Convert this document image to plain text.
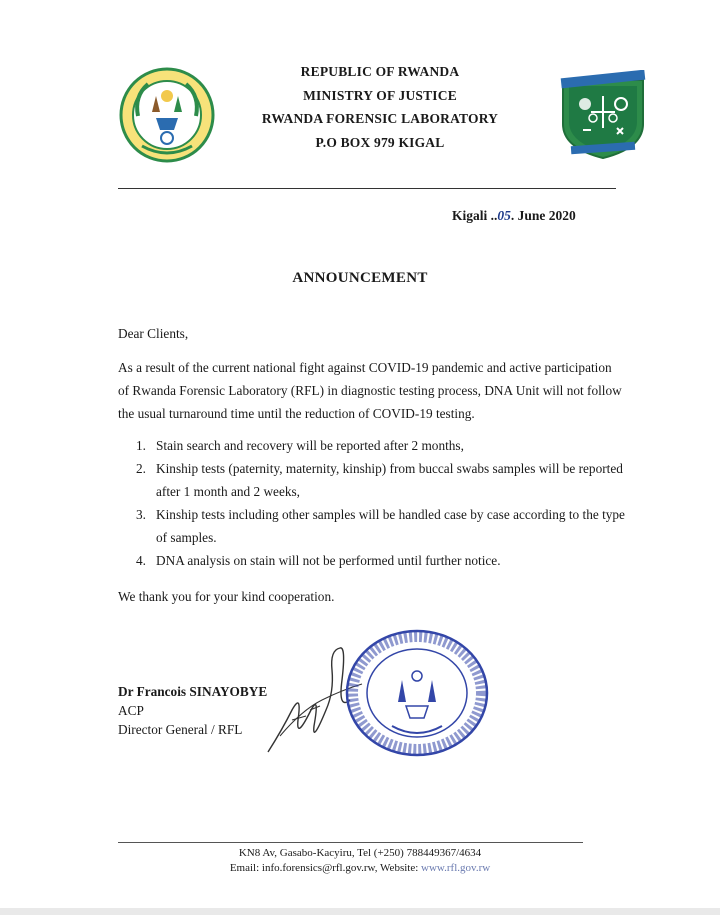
REPUBLIC OF RWANDA
MINISTRY OF JUSTICE
RWANDA FORENSIC LABORATORY
P.O BOX 979 KIGAL
Kigali ..05. June 2020
ANNOUNCEMENT
Dear Clients,
As a result of the current national fight against COVID-19 pandemic and active participation
of Rwanda Forensic Laboratory (RFL) in diagnostic testing process, DNA Unit will not follow
the usual turnaround time until the reduction of COVID-19 testing.
1. Stain search and recovery will be reported after 2 months,
2. Kinship tests (paternity, maternity, kinship) from buccal swabs samples will be reported after 1 month and 2 weeks,
3. Kinship tests including other samples will be handled case by case according to the type of samples.
4. DNA analysis on stain will not be performed until further notice.
We thank you for your kind cooperation.
Dr Francois SINAYOBYE
ACP
Director General / RFL
KN8 Av, Gasabo-Kacyiru, Tel (+250) 788449367/4634
Email: info.forensics@rfl.gov.rw, Website: www.rfl.gov.rw
